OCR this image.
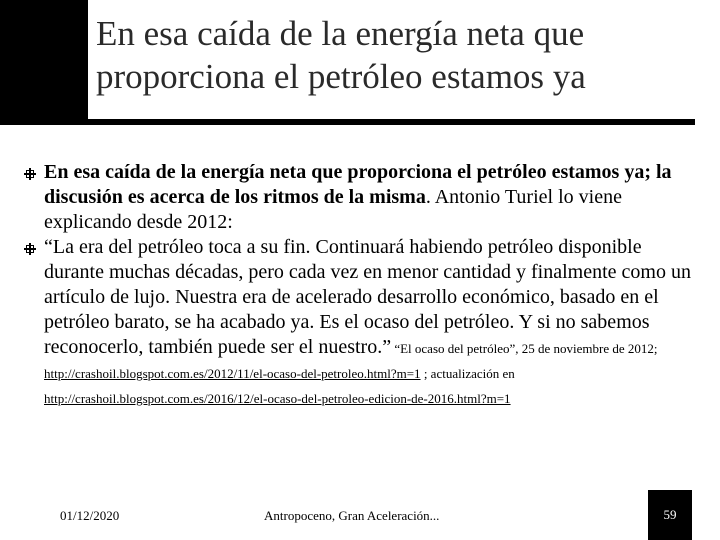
En esa caída de la energía neta que proporciona el petróleo estamos ya
En esa caída de la energía neta que proporciona el petróleo estamos ya; la discusión es acerca de los ritmos de la misma. Antonio Turiel lo viene explicando desde 2012:
“La era del petróleo toca a su fin. Continuará habiendo petróleo disponible durante muchas décadas, pero cada vez en menor cantidad y finalmente como un artículo de lujo. Nuestra era de acelerado desarrollo económico, basado en el petróleo barato, se ha acabado ya. Es el ocaso del petróleo. Y si no sabemos reconocerlo, también puede ser el nuestro.” “El ocaso del petróleo”, 25 de noviembre de 2012; http://crashoil.blogspot.com.es/2012/11/el-ocaso-del-petroleo.html?m=1 ; actualización en http://crashoil.blogspot.com.es/2016/12/el-ocaso-del-petroleo-edicion-de-2016.html?m=1
01/12/2020	Antropoceno, Gran Aceleración...	59
